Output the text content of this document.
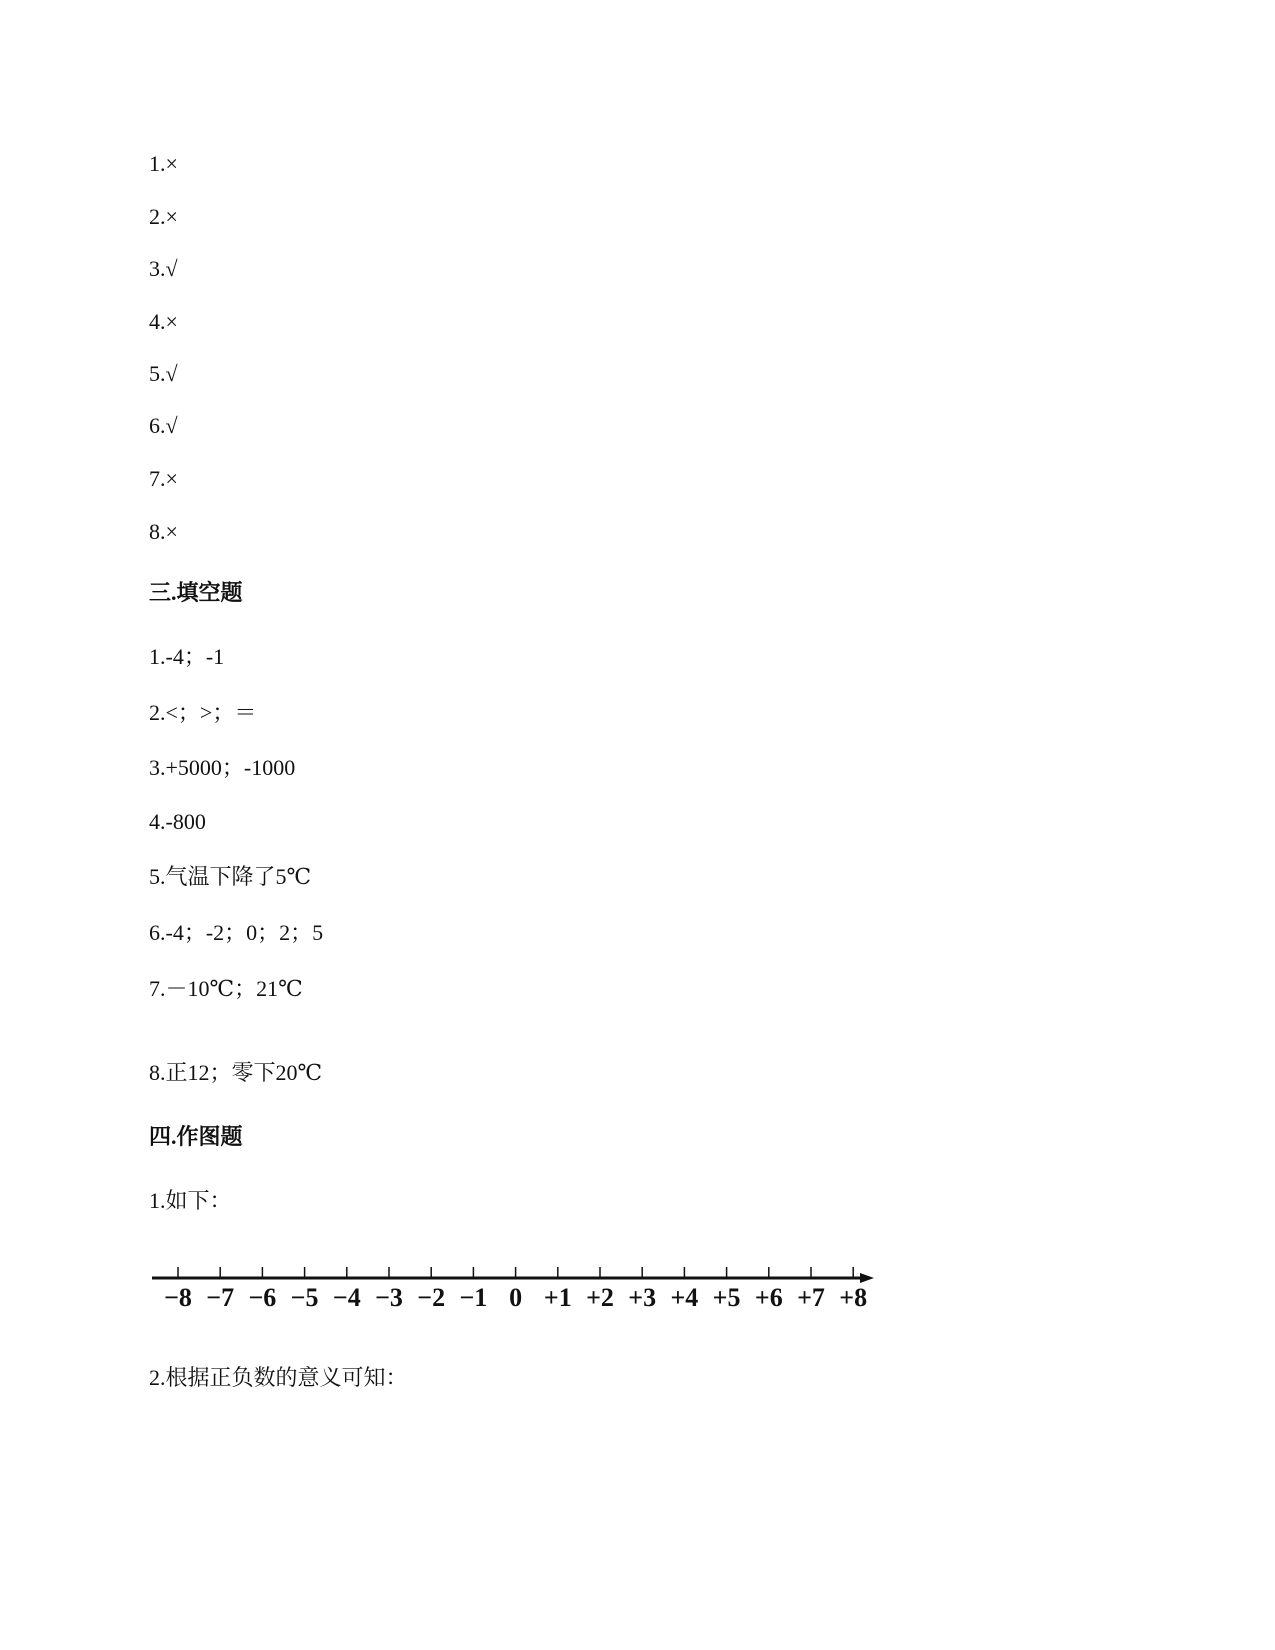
1.×
2.×
3.√
4.×
5.√
6.√
7.×
8.×
三.填空题
1.-4；-1
2.<；>；＝
3.+5000；-1000
4.-800
5.气温下降了5℃
6.-4；-2；0；2；5
7.－10℃；21℃
8.正12；零下20℃
四.作图题
1.如下：
−8 −7 −6 −5 −4 −3 −2 −1 0 +1 +2 +3 +4 +5 +6 +7 +8
2.根据正负数的意义可知：
